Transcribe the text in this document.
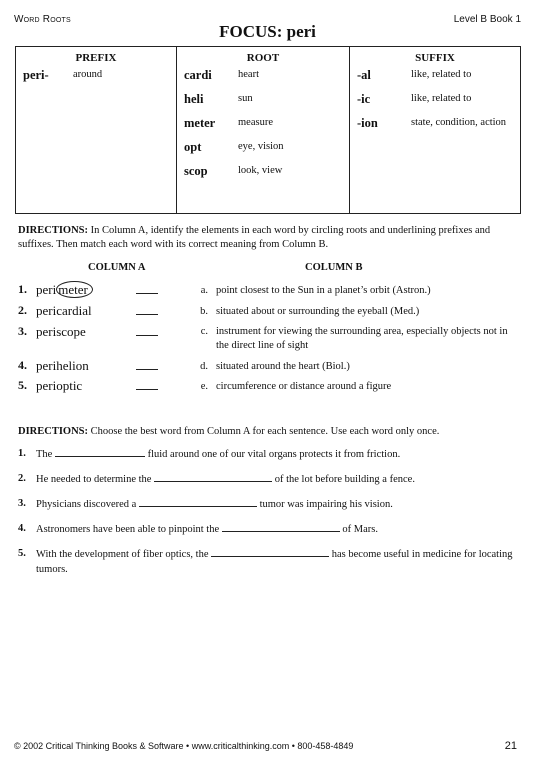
Word Roots	Level B Book 1
FOCUS: peri
PREFIX
peri-	around

ROOT
cardi	heart
heli	sun
meter	measure
opt	eye, vision
scop	look, view

SUFFIX
-al	like, related to
-ic	like, related to
-ion	state, condition, action
DIRECTIONS: In Column A, identify the elements in each word by circling roots and underlining prefixes and suffixes. Then match each word with its correct meaning from Column B.
COLUMN A	COLUMN B
1. peri meter
2. pericardial
3. periscope
4. perihelion
5. perioptic
a. point closest to the Sun in a planet’s orbit (Astron.)
b. situated about or surrounding the eyeball (Med.)
c. instrument for viewing the surrounding area, especially objects not in the direct line of sight
d. situated around the heart (Biol.)
e. circumference or distance around a figure
DIRECTIONS: Choose the best word from Column A for each sentence. Use each word only once.
1. The	fluid around one of our vital organs protects it from friction.
2. He needed to determine the	of the lot before building a fence.
3. Physicians discovered a	tumor was impairing his vision.
4. Astronomers have been able to pinpoint the	of Mars.
5. With the development of fiber optics, the	has become useful in medicine for locating tumors.
© 2002 Critical Thinking Books & Software • www.criticalthinking.com • 800-458-4849	21
